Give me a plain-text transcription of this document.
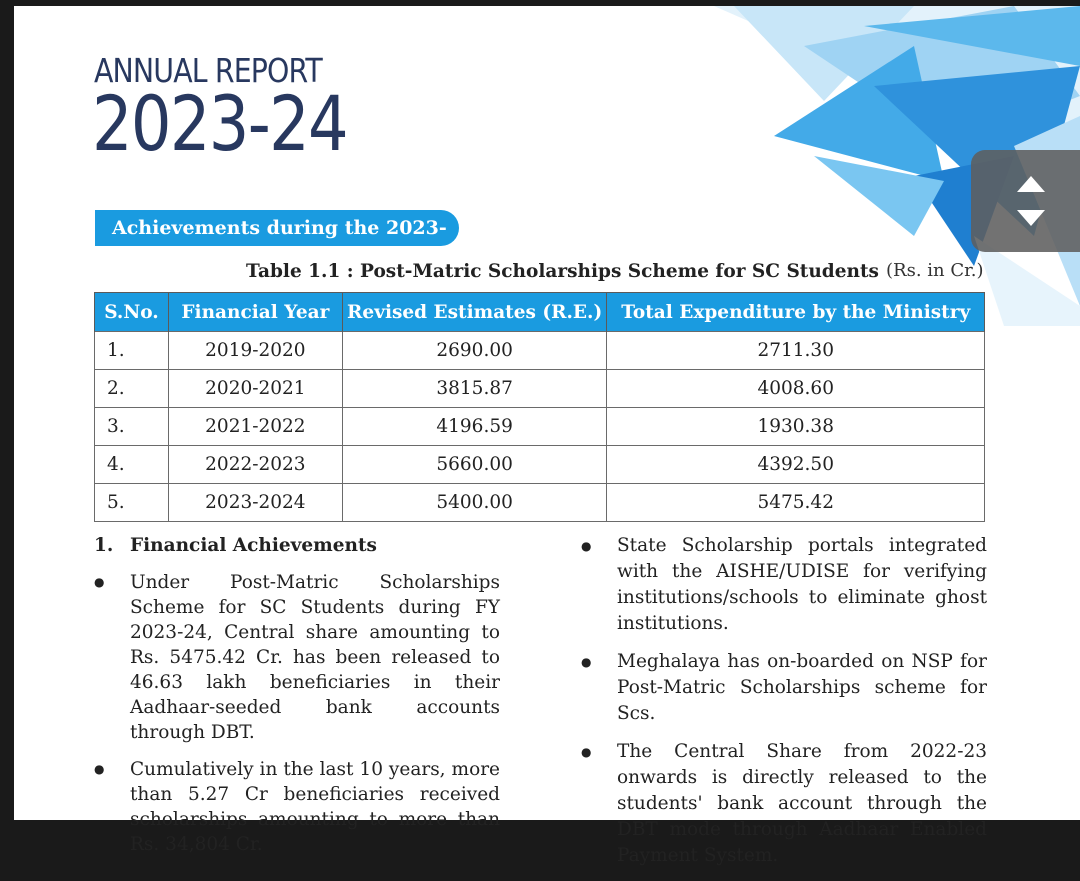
ANNUAL REPORT
2023-24
Achievements during the 2023-24	Table 1.1 : Post-Matric Scholarships Scheme for SC Students (Rs. in Cr.)
S.No.	Financial Year	Revised Estimates (R.E.)	Total Expenditure by the Ministry
1.	2019-2020	2690.00	2711.30
2.	2020-2021	3815.87	4008.60
3.	2021-2022	4196.59	1930.38
4.	2022-2023	5660.00	4392.50
5.	2023-2024	5400.00	5475.42
1. Financial Achievements
●	Under Post-Matric Scholarships Scheme for SC Students during FY 2023-24, Central share amounting to Rs. 5475.42 Cr. has been released to 46.63 lakh beneficiaries in their Aadhaar-seeded bank accounts through DBT.
●	Cumulatively in the last 10 years, more than 5.27 Cr beneficiaries received scholarships amounting to more than Rs. 34,804 Cr.
●	State Scholarship portals integrated with the AISHE/UDISE for verifying institutions/schools to eliminate ghost institutions.
●	Meghalaya has on-boarded on NSP for Post-Matric Scholarships scheme for Scs.
●	The Central Share from 2022-23 onwards is directly released to the students' bank account through the DBT mode through Aadhaar Enabled Payment System.
